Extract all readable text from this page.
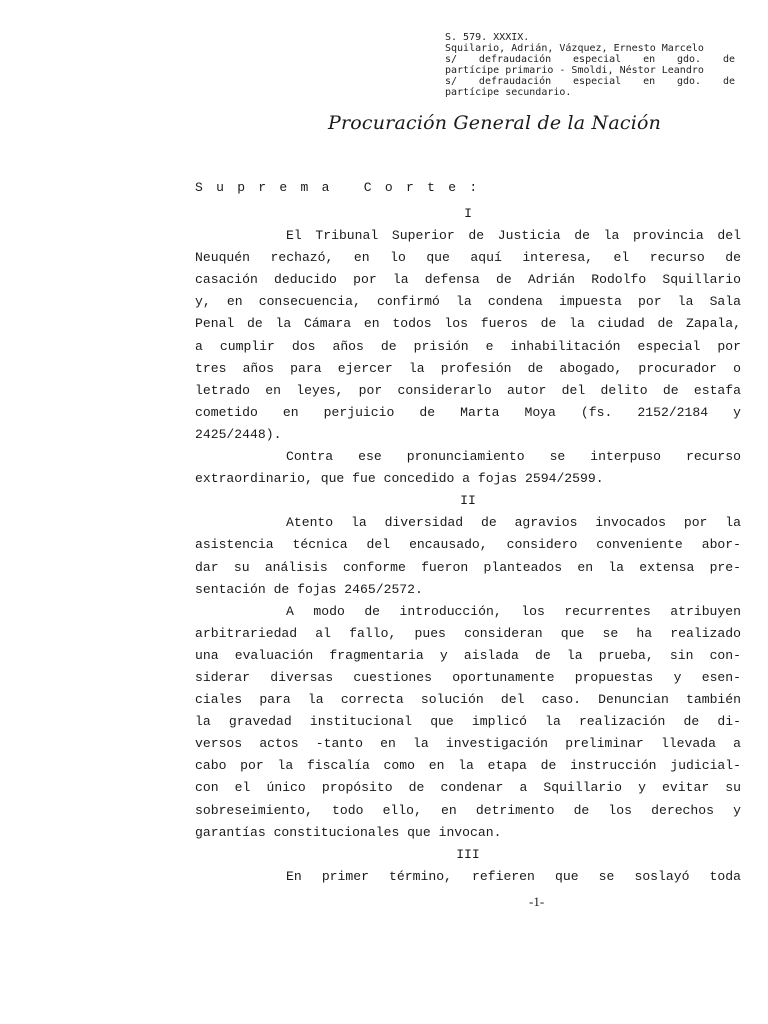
S. 579. XXXIX.
Squilario, Adrián, Vázquez, Ernesto Marcelo
s/ defraudación especial en gdo. de
partícipe primario - Smoldi, Néstor Leandro
s/ defraudación especial en gdo. de
partícipe secundario.
Procuración General de la Nación
Suprema Corte:
I
El Tribunal Superior de Justicia de la provincia del
Neuquén rechazó, en lo que aquí interesa, el recurso de
casación deducido por la defensa de Adrián Rodolfo Squillario
y, en consecuencia, confirmó la condena impuesta por la Sala
Penal de la Cámara en todos los fueros de la ciudad de Zapala,
a cumplir dos años de prisión e inhabilitación especial por
tres años para ejercer la profesión de abogado, procurador o
letrado en leyes, por considerarlo autor del delito de estafa
cometido en perjuicio de Marta Moya (fs. 2152/2184 y
2425/2448).
Contra ese pronunciamiento se interpuso recurso
extraordinario, que fue concedido a fojas 2594/2599.
II
Atento la diversidad de agravios invocados por la
asistencia técnica del encausado, considero conveniente abor-
dar su análisis conforme fueron planteados en la extensa pre-
sentación de fojas 2465/2572.
A modo de introducción, los recurrentes atribuyen
arbitrariedad al fallo, pues consideran que se ha realizado
una evaluación fragmentaria y aislada de la prueba, sin con-
siderar diversas cuestiones oportunamente propuestas y esen-
ciales para la correcta solución del caso. Denuncian también
la gravedad institucional que implicó la realización de di-
versos actos -tanto en la investigación preliminar llevada a
cabo por la fiscalía como en la etapa de instrucción judicial-
con el único propósito de condenar a Squillario y evitar su
sobreseimiento, todo ello, en detrimento de los derechos y
garantías constitucionales que invocan.
III
En primer término, refieren que se soslayó toda
-1-
